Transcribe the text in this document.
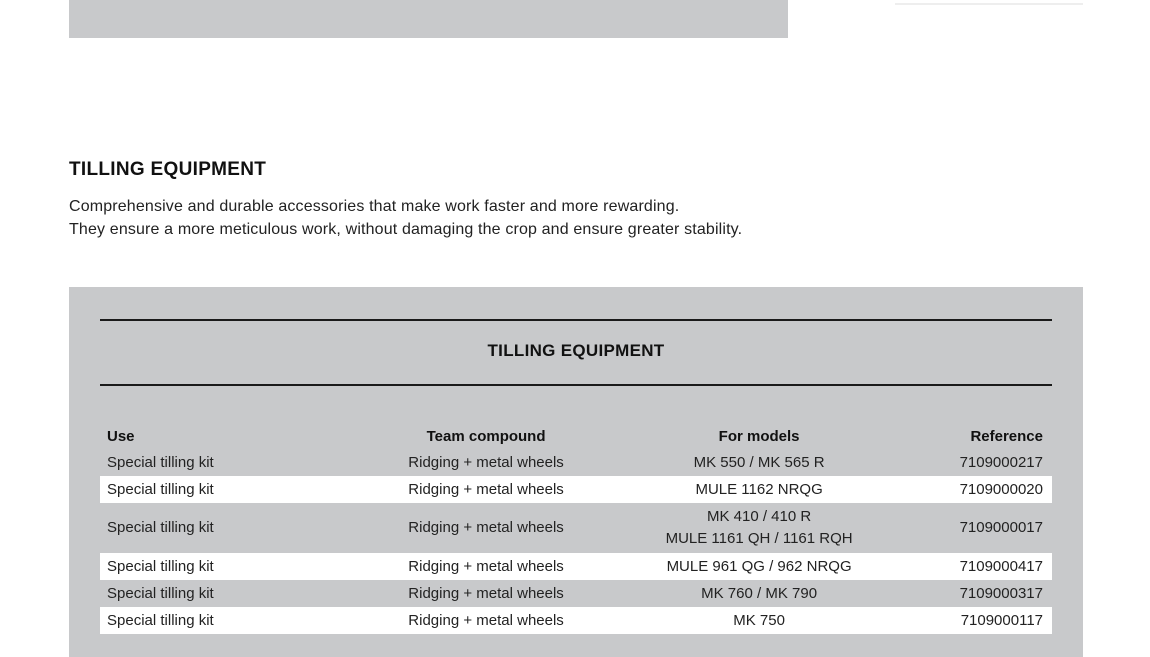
TILLING EQUIPMENT

Comprehensive and durable accessories that make work faster and more rewarding.

They ensure a more meticulous work, without damaging the crop and ensure greater stability.

TILLING EQUIPMENT
Use	Team compound	For models	Reference
Special tilling kit	Ridging + metal wheels	MK 550 / MK 565 R	7109000217
Special tilling kit	Ridging + metal wheels	MULE 1162 NRQG	7109000020
Special tilling kit	Ridging + metal wheels	MK 410 / 410 R
MULE 1161 QH / 1161 RQH	7109000017
Special tilling kit	Ridging + metal wheels	MULE 961 QG / 962 NRQG	7109000417
Special tilling kit	Ridging + metal wheels	MK 760 / MK 790	7109000317
Special tilling kit	Ridging + metal wheels	MK 750	7109000117
